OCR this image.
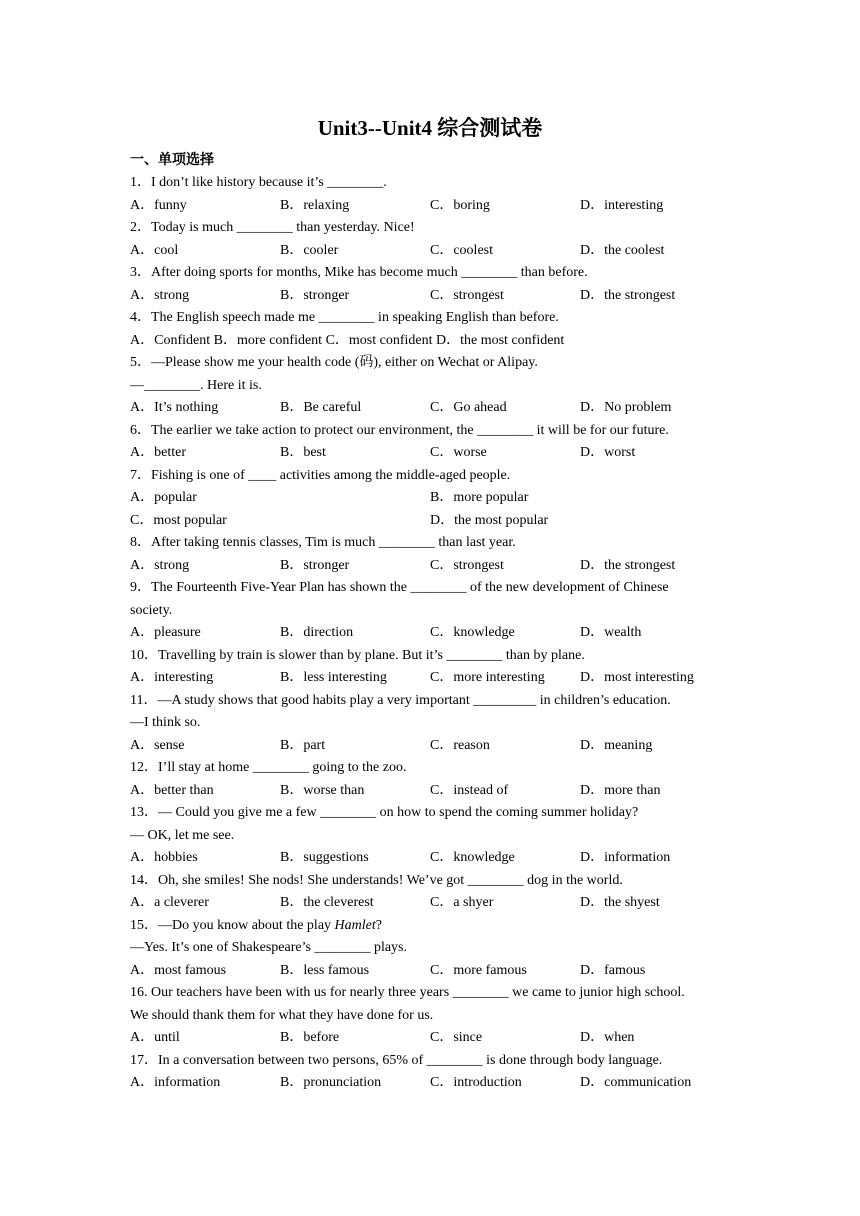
Unit3--Unit4 综合测试卷
一、单项选择
1．I don’t like history because it’s ________.
A．funny	B．relaxing	C．boring	D．interesting
2．Today is much ________ than yesterday. Nice!
A．cool	B．cooler	C．coolest	D．the coolest
3．After doing sports for months, Mike has become much ________ than before.
A．strong	B．stronger	C．strongest	D．the strongest
4．The English speech made me ________ in speaking English than before.
A．Confident B．more confident C．most confident D．the most confident
5．—Please show me your health code (码), either on Wechat or Alipay.
—________. Here it is.
A．It’s nothing	B．Be careful	C．Go ahead	D．No problem
6．The earlier we take action to protect our environment, the ________ it will be for our future.
A．better	B．best	C．worse	D．worst
7．Fishing is one of ____ activities among the middle-aged people.
A．popular	B．more popular
C．most popular	D．the most popular
8．After taking tennis classes, Tim is much ________ than last year.
A．strong	B．stronger	C．strongest	D．the strongest
9．The Fourteenth Five-Year Plan has shown the ________ of the new development of Chinese
society.
A．pleasure	B．direction	C．knowledge	D．wealth
10．Travelling by train is slower than by plane. But it’s ________ than by plane.
A．interesting	B．less interesting	C．more interesting	D．most interesting
11．—A study shows that good habits play a very important _________ in children’s education.
—I think so.
A．sense	B．part	C．reason	D．meaning
12．I’ll stay at home ________ going to the zoo.
A．better than	B．worse than	C．instead of	D．more than
13．— Could you give me a few ________ on how to spend the coming summer holiday?
— OK, let me see.
A．hobbies	B．suggestions	C．knowledge	D．information
14．Oh, she smiles! She nods! She understands! We’ve got ________ dog in the world.
A．a cleverer	B．the cleverest	C．a shyer	D．the shyest
15．—Do you know about the play Hamlet?
—Yes. It’s one of Shakespeare’s ________ plays.
A．most famous	B．less famous	C．more famous	D．famous
16. Our teachers have been with us for nearly three years ________ we came to junior high school.
We should thank them for what they have done for us.
A．until	B．before	C．since	D．when
17．In a conversation between two persons, 65% of ________ is done through body language.
A．information	B．pronunciation	C．introduction	D．communication
